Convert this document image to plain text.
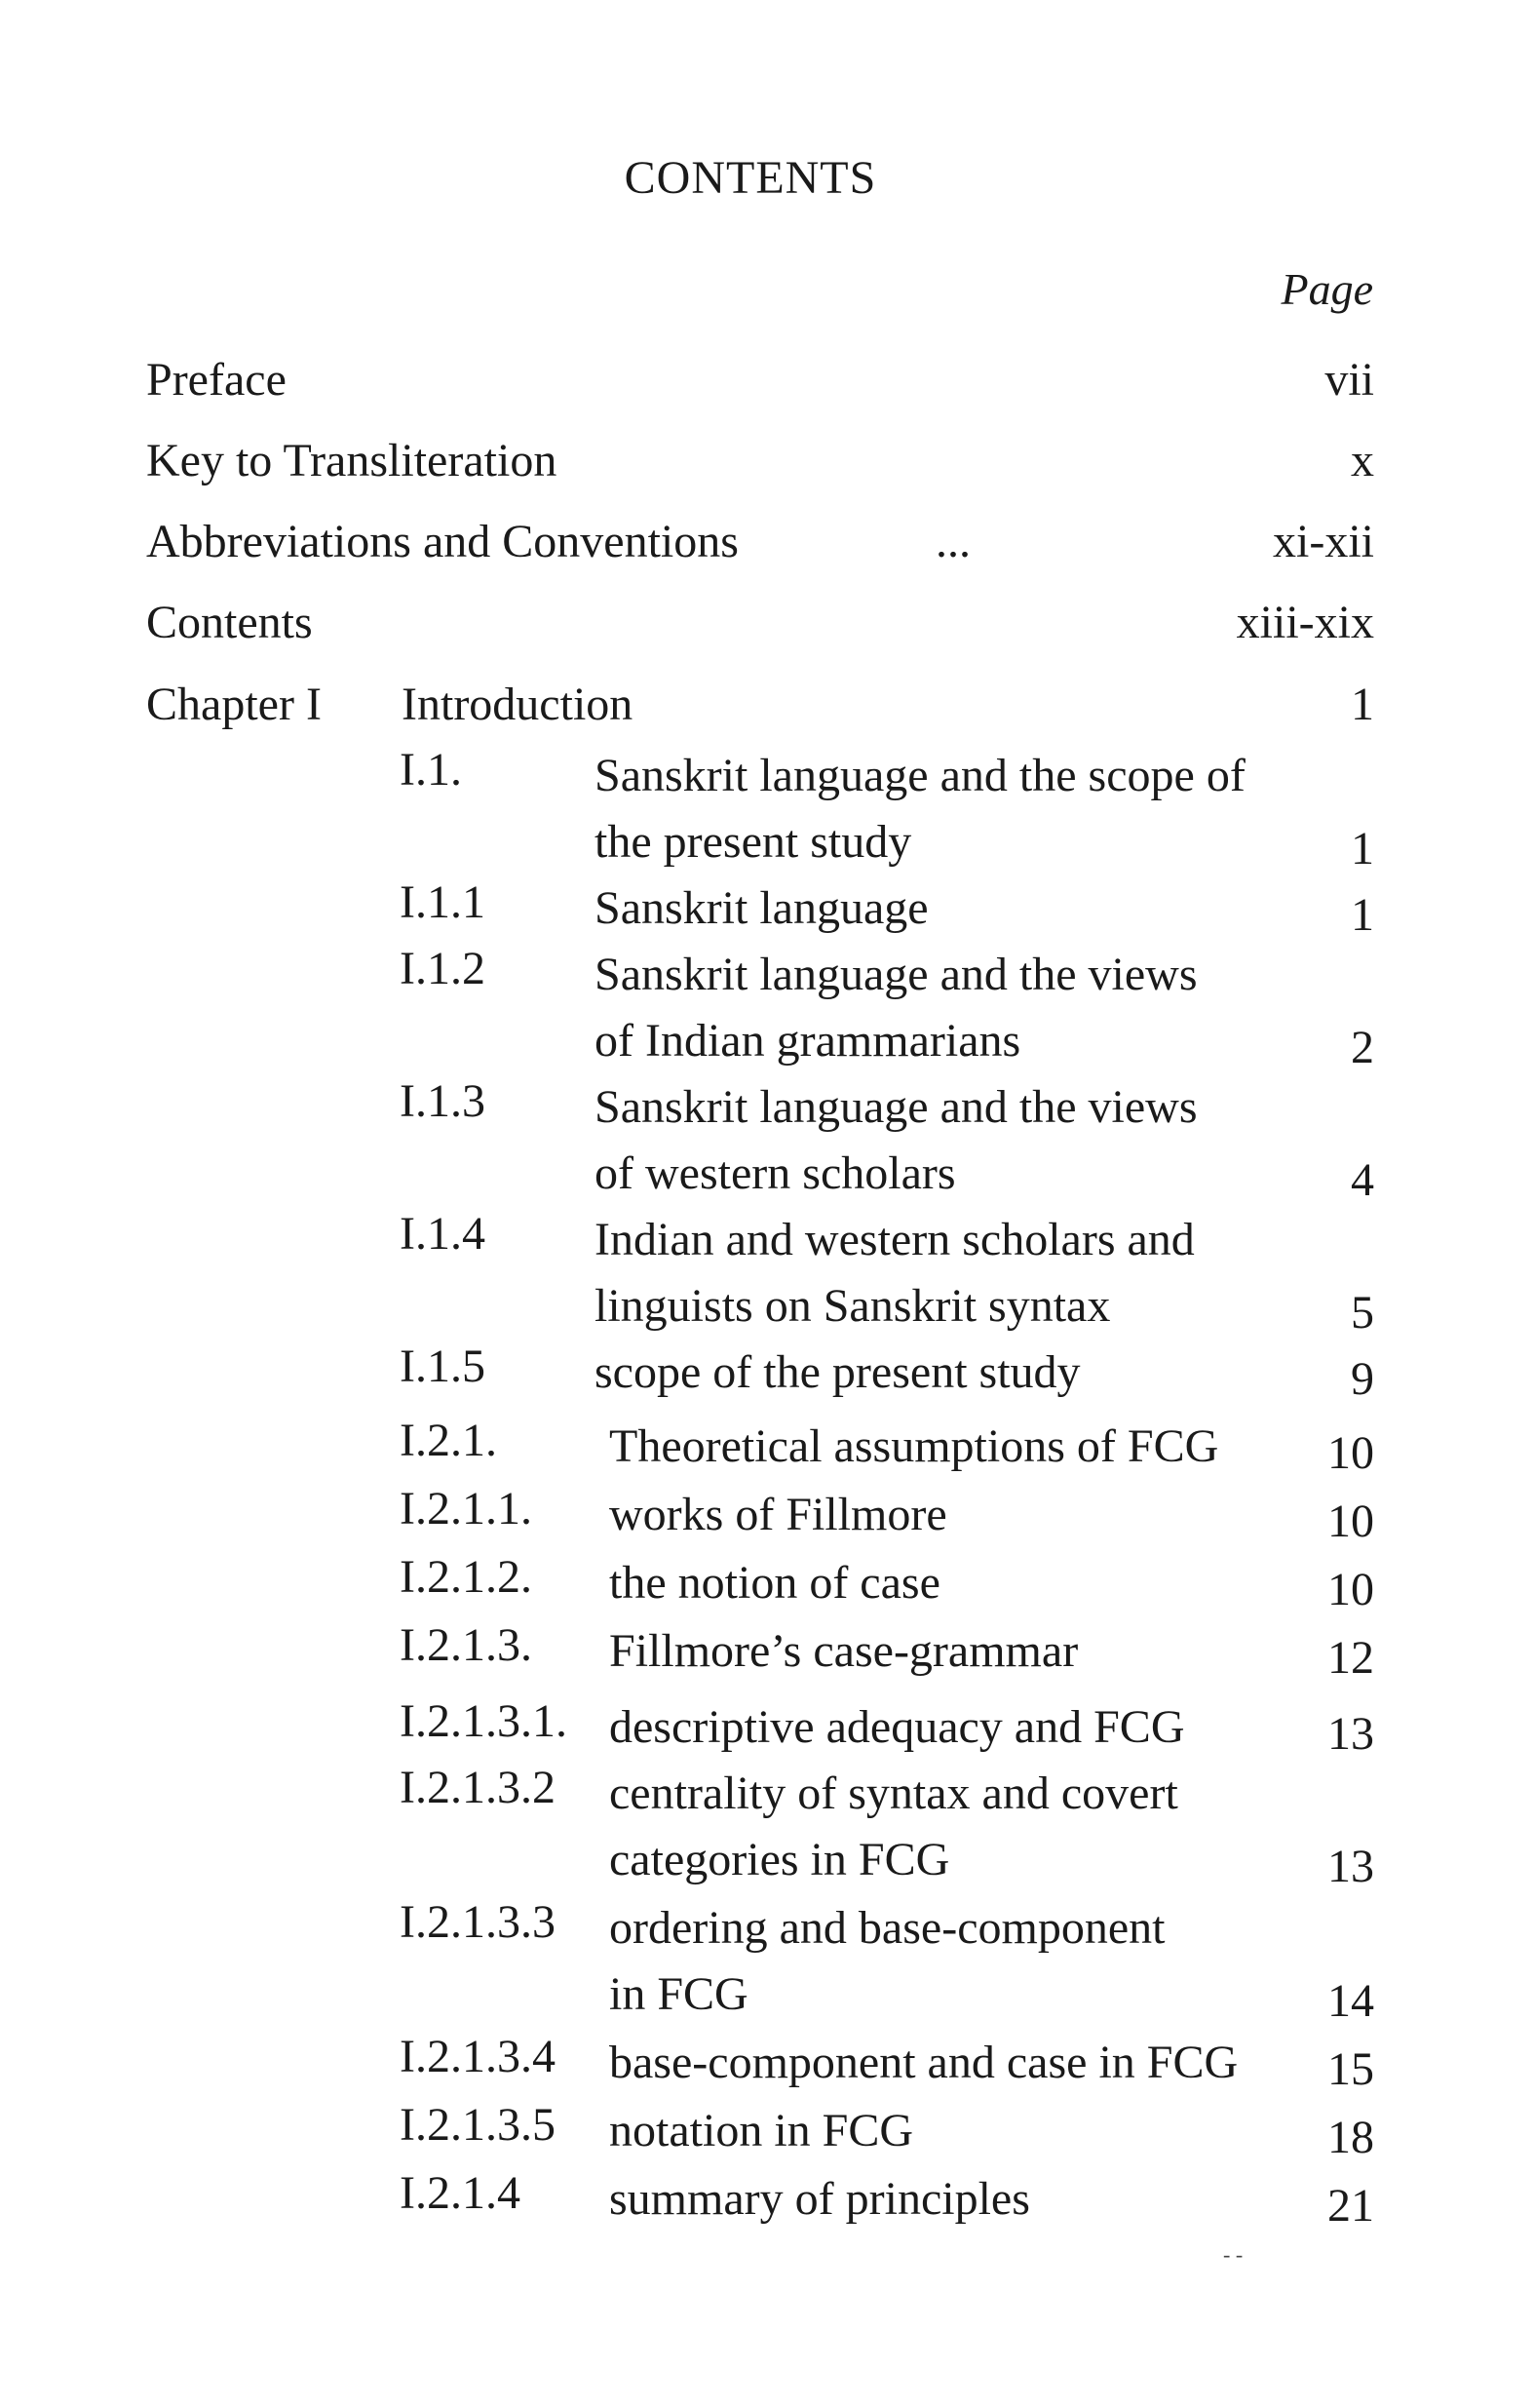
CONTENTS
Page
Preface	vii
Key to Transliteration	x
Abbreviations and Conventions	...	xi-xii
Contents	xiii-xix
Chapter I Introduction	1
I.1.	Sanskrit language and the scope of
the present study	1
I.1.1 Sanskrit language	1
I.1.2 Sanskrit language and the views
of Indian grammarians	2
I.1.3 Sanskrit language and the views
of western scholars	4
I.1.4 Indian and western scholars and
linguists on Sanskrit syntax	5
I.1.5 scope of the present study	9
I.2.1. Theoretical assumptions of FCG 10
I.2.1.1. works of Fillmore	10
I.2.1.2. the notion of case	10
I.2.1.3. Fillmore’s case-grammar	12
I.2.1.3.1. descriptive adequacy and FCG	13
I.2.1.3.2 centrality of syntax and covert
categories in FCG	13
I.2.1.3.3 ordering and base-component
in FCG	14
I.2.1.3.4 base-component and case in FCG 15
I.2.1.3.5 notation in FCG	18
I.2.1.4 summary of principles	21
- -
